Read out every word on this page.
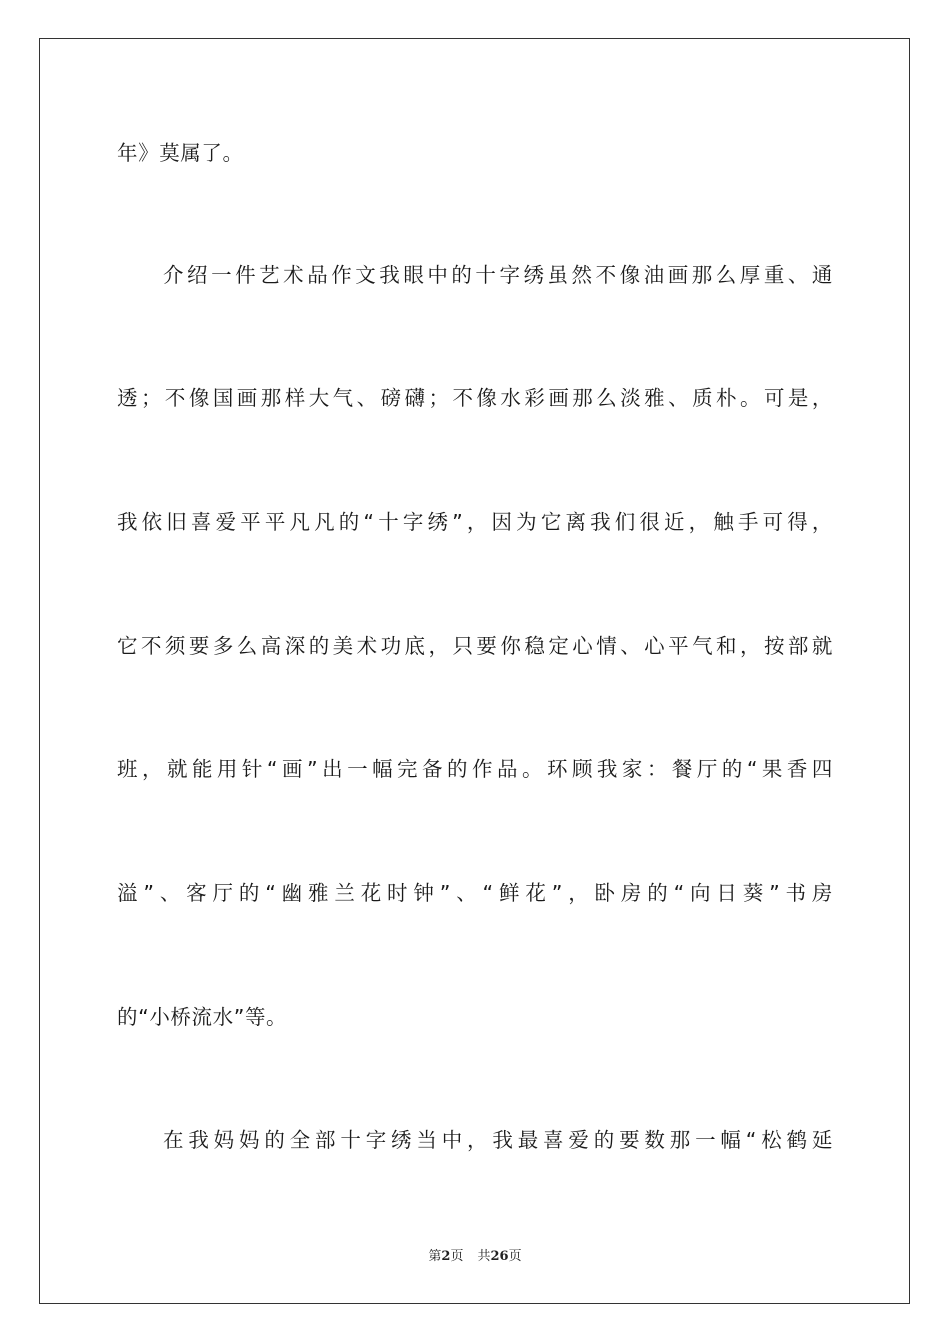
年》莫属了。
介绍一件艺术品作文我眼中的十字绣虽然不像油画那么厚重、通
透；不像国画那样大气、磅礴；不像水彩画那么淡雅、质朴。可是，
我依旧喜爱平平凡凡的“十字绣”，因为它离我们很近，触手可得，
它不须要多么高深的美术功底，只要你稳定心情、心平气和，按部就
班，就能用针“画”出一幅完备的作品。环顾我家：餐厅的“果香四
溢”、客厅的“幽雅兰花时钟”、“鲜花”，卧房的“向日葵”书房
的“小桥流水”等。
在我妈妈的全部十字绣当中，我最喜爱的要数那一幅“松鹤延
第2页 共26页
